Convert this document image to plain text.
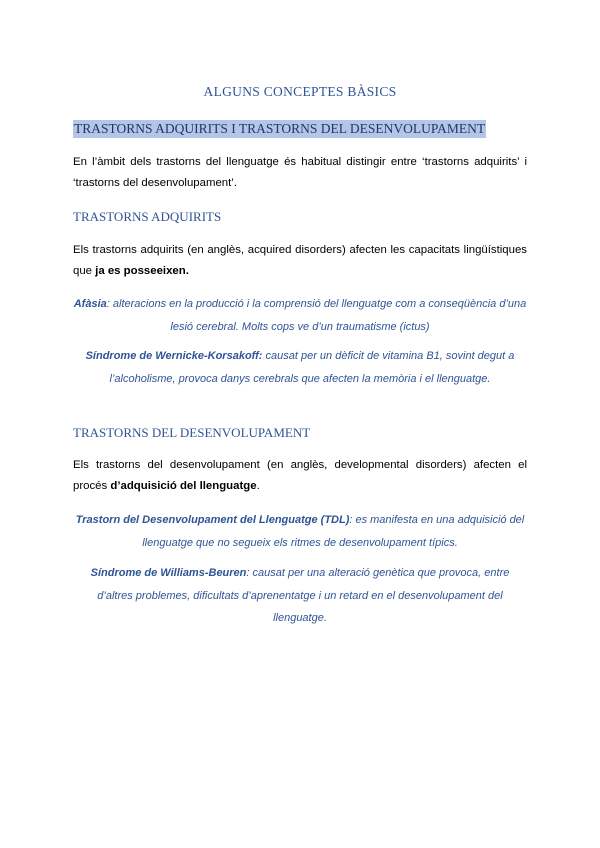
ALGUNS CONCEPTES BÀSICS
TRASTORNS ADQUIRITS I TRASTORNS DEL DESENVOLUPAMENT
En l’àmbit dels trastorns del llenguatge és habitual distingir entre ‘trastorns adquirits’ i ‘trastorns del desenvolupament’.
TRASTORNS ADQUIRITS
Els trastorns adquirits (en anglès, acquired disorders) afecten les capacitats lingüístiques que ja es posseeixen.
Afàsia: alteracions en la producció i la comprensió del llenguatge com a conseqüència d’una lesió cerebral. Molts cops ve d’un traumatisme (ictus)
Síndrome de Wernicke-Korsakoff: causat per un dèficit de vitamina B1, sovint degut a l’alcoholisme, provoca danys cerebrals que afecten la memòria i el llenguatge.
TRASTORNS DEL DESENVOLUPAMENT
Els trastorns del desenvolupament (en anglès, developmental disorders) afecten el procés d’adquisició del llenguatge.
Trastorn del Desenvolupament del Llenguatge (TDL): es manifesta en una adquisició del llenguatge que no segueix els ritmes de desenvolupament típics.
Síndrome de Williams-Beuren: causat per una alteració genètica que provoca, entre d’altres problemes, dificultats d’aprenentatge i un retard en el desenvolupament del llenguatge.
